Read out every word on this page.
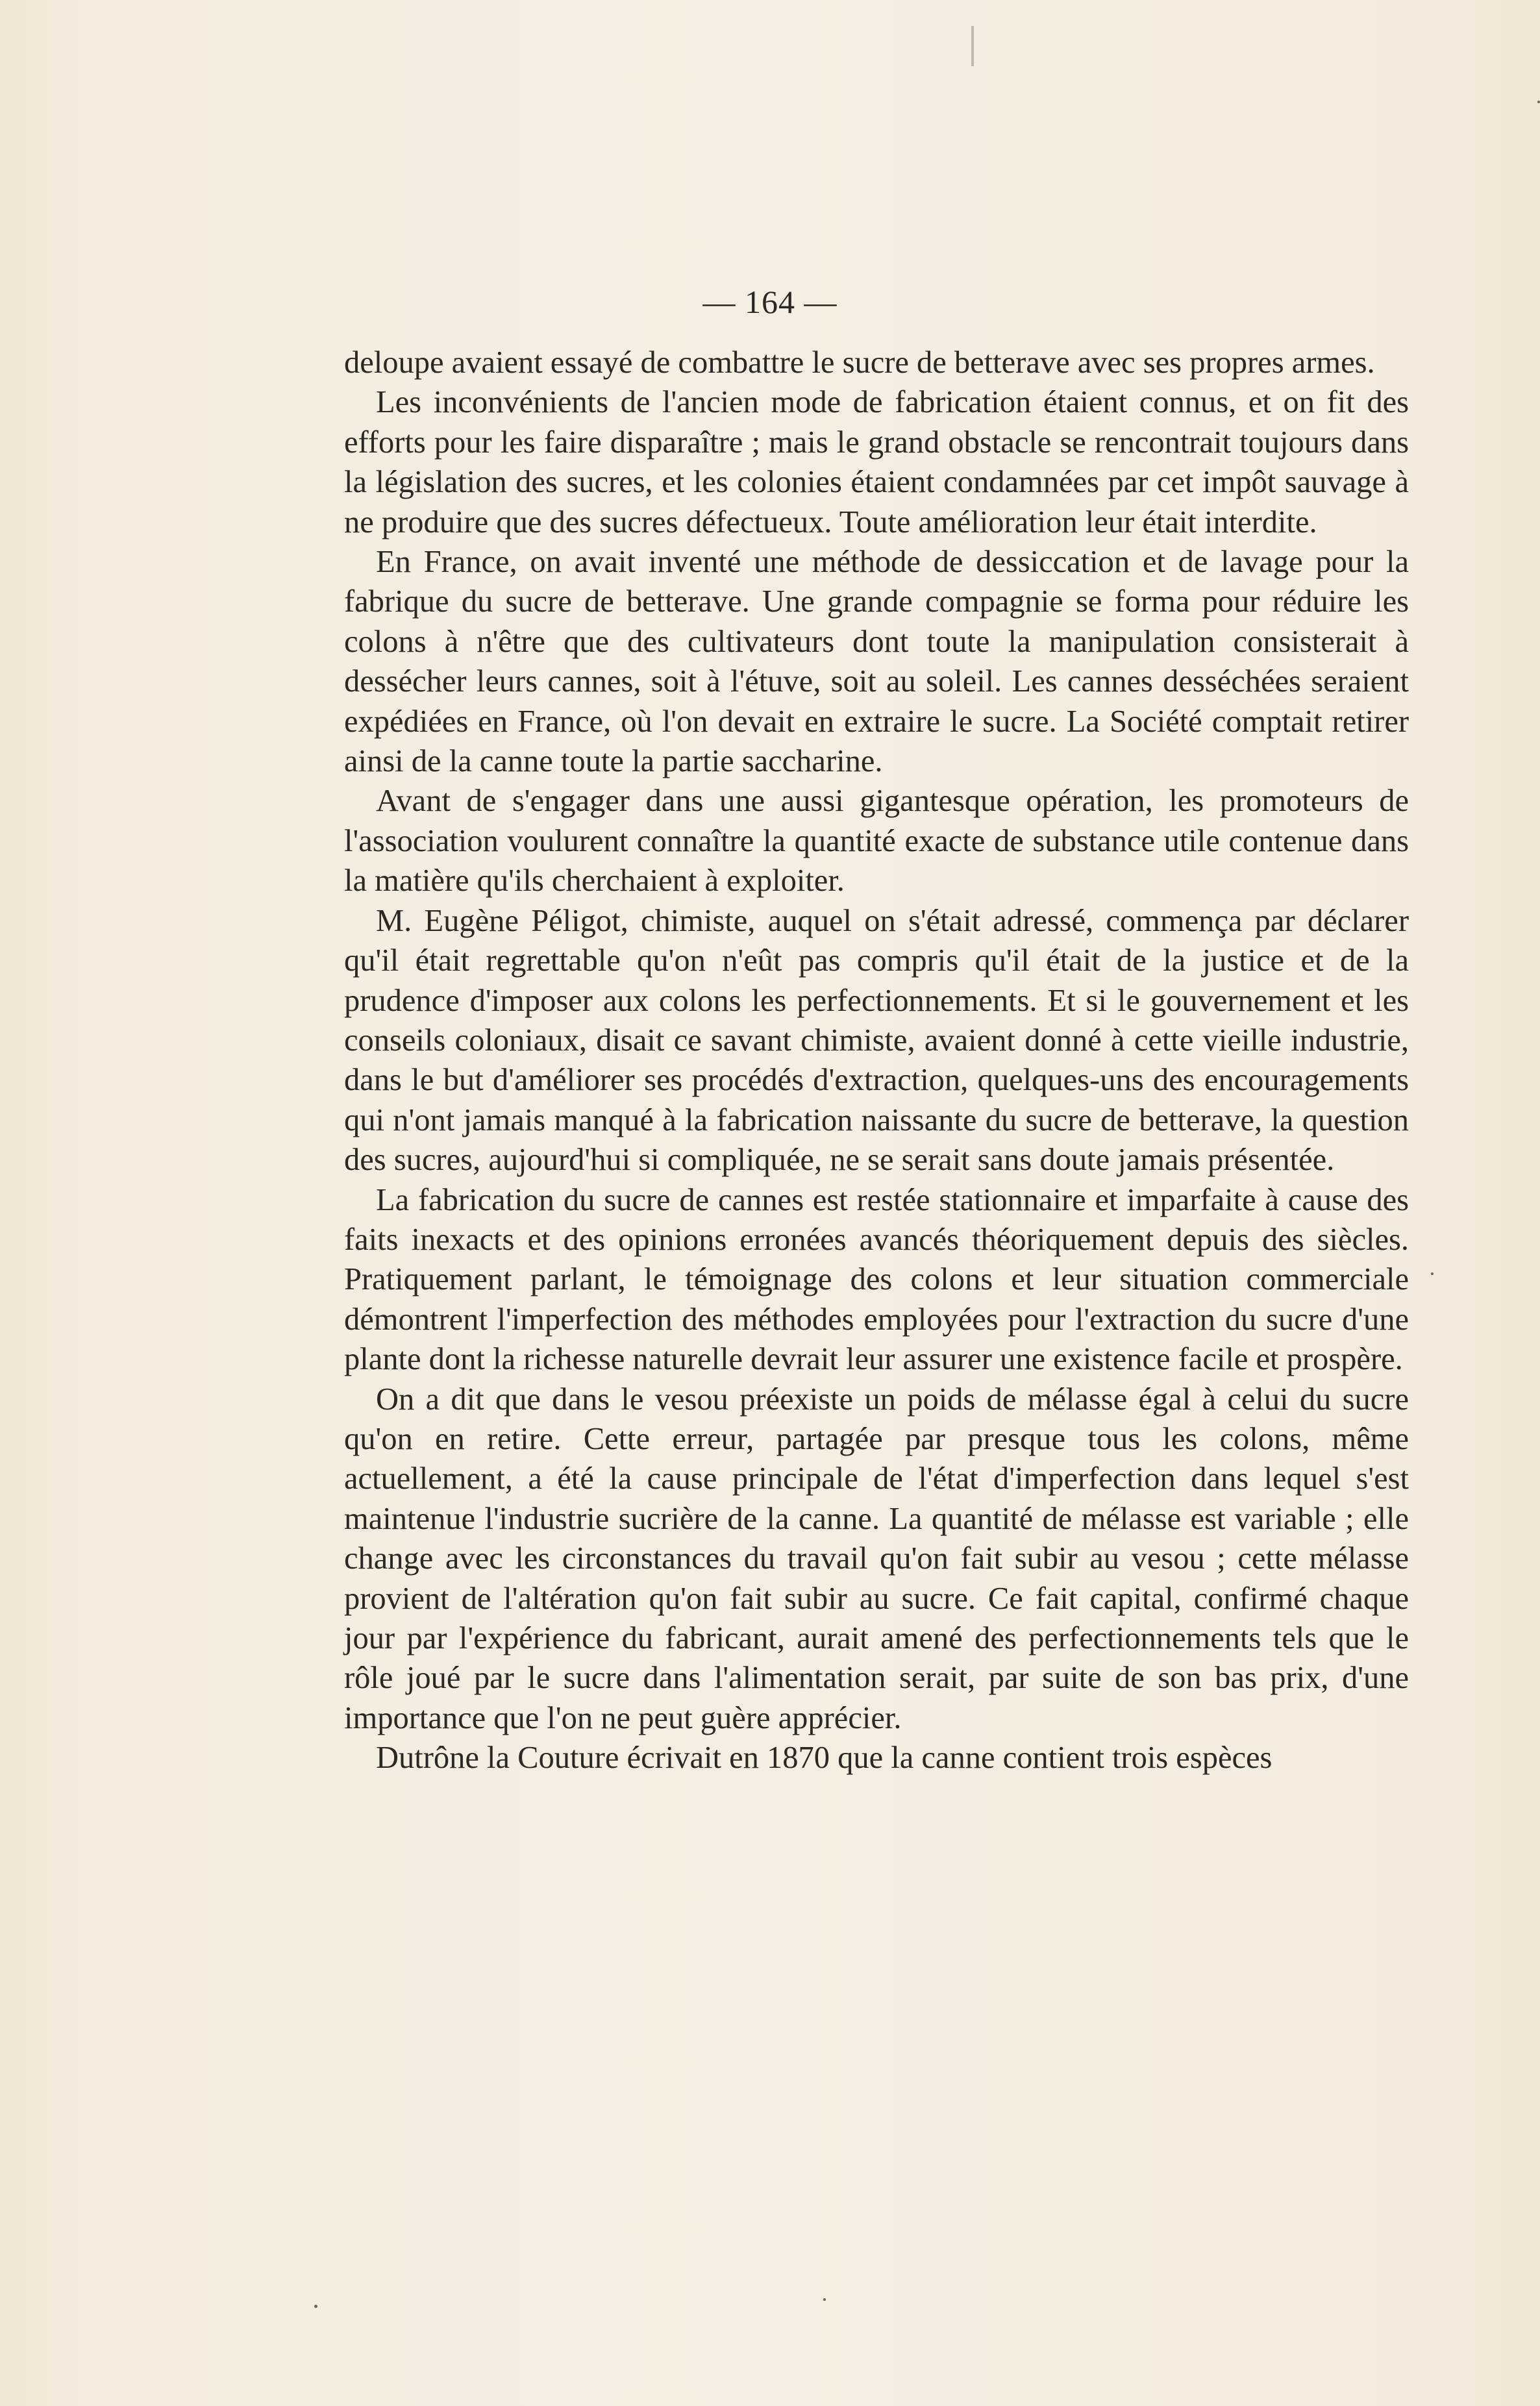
— 164 —

deloupe avaient essayé de combattre le sucre de betterave avec ses propres armes.

Les inconvénients de l'ancien mode de fabrication étaient connus, et on fit des efforts pour les faire disparaître ; mais le grand obstacle se rencontrait toujours dans la législation des sucres, et les colonies étaient condamnées par cet impôt sauvage à ne produire que des sucres défectueux. Toute amélioration leur était interdite.

En France, on avait inventé une méthode de dessiccation et de lavage pour la fabrique du sucre de betterave. Une grande compagnie se forma pour réduire les colons à n'être que des cultivateurs dont toute la manipulation consisterait à dessécher leurs cannes, soit à l'étuve, soit au soleil. Les cannes desséchées seraient expédiées en France, où l'on devait en extraire le sucre. La Société comptait retirer ainsi de la canne toute la partie saccharine.

Avant de s'engager dans une aussi gigantesque opération, les promoteurs de l'association voulurent connaître la quantité exacte de substance utile contenue dans la matière qu'ils cherchaient à exploiter.

M. Eugène Péligot, chimiste, auquel on s'était adressé, commença par déclarer qu'il était regrettable qu'on n'eût pas compris qu'il était de la justice et de la prudence d'imposer aux colons les perfectionnements. Et si le gouvernement et les conseils coloniaux, disait ce savant chimiste, avaient donné à cette vieille industrie, dans le but d'améliorer ses procédés d'extraction, quelques-uns des encouragements qui n'ont jamais manqué à la fabrication naissante du sucre de betterave, la question des sucres, aujourd'hui si compliquée, ne se serait sans doute jamais présentée.

La fabrication du sucre de cannes est restée stationnaire et imparfaite à cause des faits inexacts et des opinions erronées avancés théoriquement depuis des siècles. Pratiquement parlant, le témoignage des colons et leur situation commerciale démontrent l'imperfection des méthodes employées pour l'extraction du sucre d'une plante dont la richesse naturelle devrait leur assurer une existence facile et prospère.

On a dit que dans le vesou préexiste un poids de mélasse égal à celui du sucre qu'on en retire. Cette erreur, partagée par presque tous les colons, même actuellement, a été la cause principale de l'état d'imperfection dans lequel s'est maintenue l'industrie sucrière de la canne. La quantité de mélasse est variable ; elle change avec les circonstances du travail qu'on fait subir au vesou ; cette mélasse provient de l'altération qu'on fait subir au sucre. Ce fait capital, confirmé chaque jour par l'expérience du fabricant, aurait amené des perfectionnements tels que le rôle joué par le sucre dans l'alimentation serait, par suite de son bas prix, d'une importance que l'on ne peut guère apprécier.

Dutrône la Couture écrivait en 1870 que la canne contient trois espèces
